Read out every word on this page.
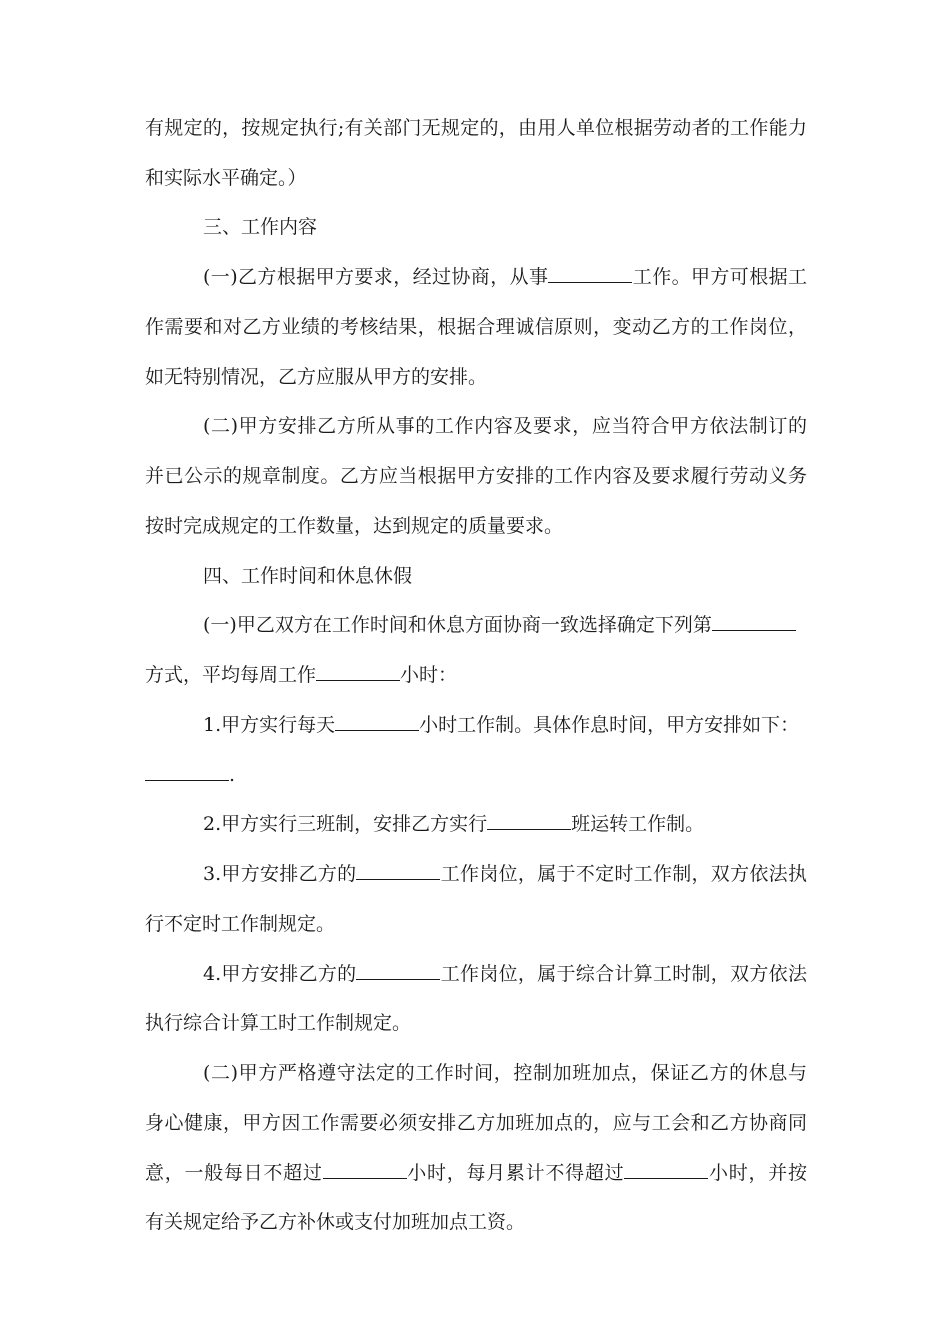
有规定的，按规定执行;有关部门无规定的，由用人单位根据劳动者的工作能力
和实际水平确定。）
三、工作内容
(一)乙方根据甲方要求，经过协商，从事	工作。甲方可根据工
作需要和对乙方业绩的考核结果，根据合理诚信原则，变动乙方的工作岗位，
如无特别情况，乙方应服从甲方的安排。
(二)甲方安排乙方所从事的工作内容及要求，应当符合甲方依法制订的
并已公示的规章制度。乙方应当根据甲方安排的工作内容及要求履行劳动义务
按时完成规定的工作数量，达到规定的质量要求。
四、工作时间和休息休假
(一)甲乙双方在工作时间和休息方面协商一致选择确定下列第
方式，平均每周工作	小时：
1.甲方实行每天	小时工作制。具体作息时间，甲方安排如下：
.
2.甲方实行三班制，安排乙方实行	班运转工作制。
3.甲方安排乙方的	工作岗位，属于不定时工作制，双方依法执
行不定时工作制规定。
4.甲方安排乙方的	工作岗位，属于综合计算工时制，双方依法
执行综合计算工时工作制规定。
(二)甲方严格遵守法定的工作时间，控制加班加点，保证乙方的休息与
身心健康，甲方因工作需要必须安排乙方加班加点的，应与工会和乙方协商同
意，一般每日不超过	小时，每月累计不得超过	小时，并按
有关规定给予乙方补休或支付加班加点工资。
